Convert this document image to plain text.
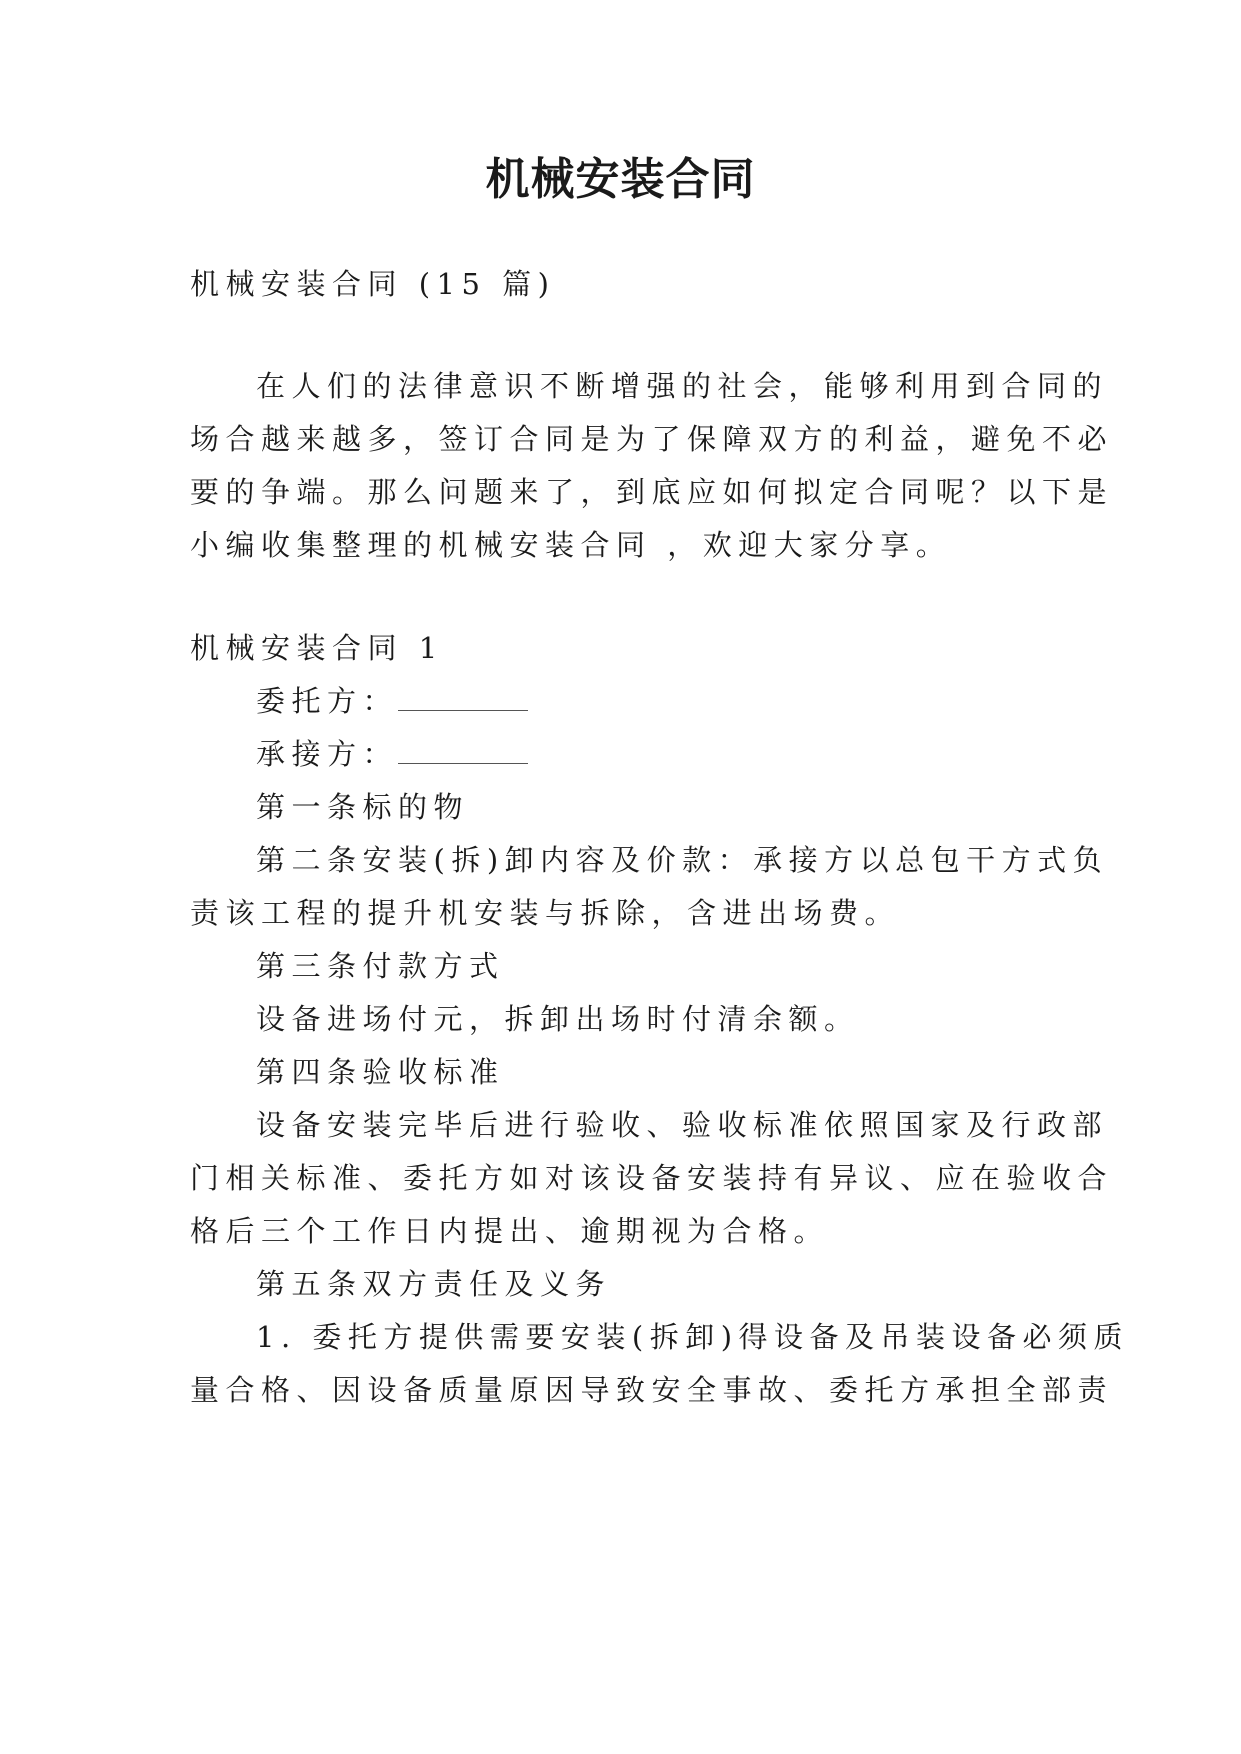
机械安装合同
机械安装合同 (15 篇)
在人们的法律意识不断增强的社会，能够利用到合同的
场合越来越多，签订合同是为了保障双方的利益，避免不必
要的争端。那么问题来了，到底应如何拟定合同呢？以下是
小编收集整理的机械安装合同 ，欢迎大家分享。
机械安装合同 1
委托方：
承接方：
第一条标的物
第二条安装(拆)卸内容及价款：承接方以总包干方式负
责该工程的提升机安装与拆除，含进出场费。
第三条付款方式
设备进场付元，拆卸出场时付清余额。
第四条验收标准
设备安装完毕后进行验收、验收标准依照国家及行政部
门相关标准、委托方如对该设备安装持有异议、应在验收合
格后三个工作日内提出、逾期视为合格。
第五条双方责任及义务
1. 委托方提供需要安装(拆卸)得设备及吊装设备必须质
量合格、因设备质量原因导致安全事故、委托方承担全部责
